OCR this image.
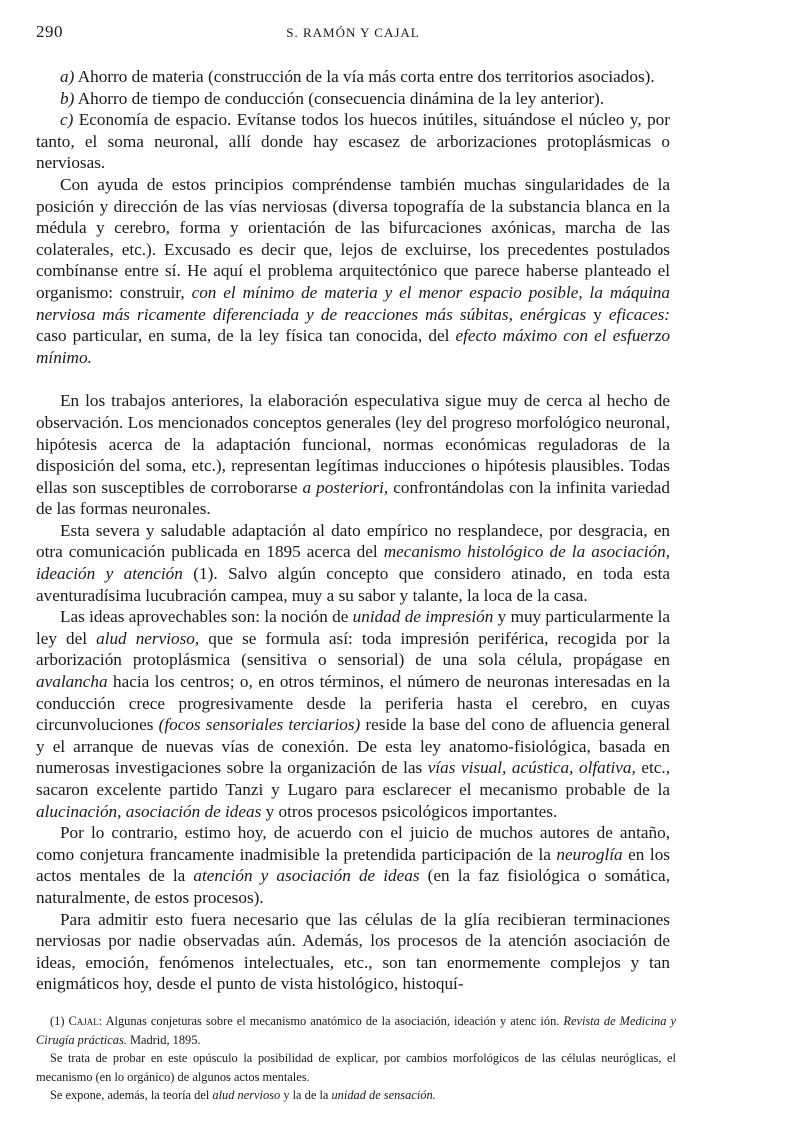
290	S. RAMÓN Y CAJAL

a) Ahorro de materia (construcción de la vía más corta entre dos territorios asociados).

b) Ahorro de tiempo de conducción (consecuencia dinámina de la ley anterior).

c) Economía de espacio. Evítanse todos los huecos inútiles, situándose el núcleo y, por tanto, el soma neuronal, allí donde hay escasez de arborizaciones protoplásmicas o nerviosas.

Con ayuda de estos principios compréndense también muchas singularidades de la posición y dirección de las vías nerviosas (diversa topografía de la substancia blanca en la médula y cerebro, forma y orientación de las bifurcaciones axónicas, marcha de las colaterales, etc.). Excusado es decir que, lejos de excluirse, los precedentes postulados combínanse entre sí. He aquí el problema arquitectónico que parece haberse planteado el organismo: construir, con el mínimo de materia y el menor espacio posible, la máquina nerviosa más ricamente diferenciada y de reacciones más súbitas, enérgicas y eficaces: caso particular, en suma, de la ley física tan conocida, del efecto máximo con el esfuerzo mínimo.

En los trabajos anteriores, la elaboración especulativa sigue muy de cerca al hecho de observación. Los mencionados conceptos generales (ley del progreso morfológico neuronal, hipótesis acerca de la adaptación funcional, normas económicas reguladoras de la disposición del soma, etc.), representan legítimas inducciones o hipótesis plausibles. Todas ellas son susceptibles de corroborarse a posteriori, confrontándolas con la infinita variedad de las formas neuronales.

Esta severa y saludable adaptación al dato empírico no resplandece, por desgracia, en otra comunicación publicada en 1895 acerca del mecanismo histológico de la asociación, ideación y atención (1). Salvo algún concepto que considero atinado, en toda esta aventuradísima lucubración campea, muy a su sabor y talante, la loca de la casa.

Las ideas aprovechables son: la noción de unidad de impresión y muy particularmente la ley del alud nervioso, que se formula así: toda impresión periférica, recogida por la arborización protoplásmica (sensitiva o sensorial) de una sola célula, propágase en avalancha hacia los centros; o, en otros términos, el número de neuronas interesadas en la conducción crece progresivamente desde la periferia hasta el cerebro, en cuyas circunvoluciones (focos sensoriales terciarios) reside la base del cono de afluencia general y el arranque de nuevas vías de conexión. De esta ley anatomo-fisiológica, basada en numerosas investigaciones sobre la organización de las vías visual, acústica, olfativa, etc., sacaron excelente partido Tanzi y Lugaro para esclarecer el mecanismo probable de la alucinación, asociación de ideas y otros procesos psicológicos importantes.

Por lo contrario, estimo hoy, de acuerdo con el juicio de muchos autores de antaño, como conjetura francamente inadmisible la pretendida participación de la neuroglía en los actos mentales de la atención y asociación de ideas (en la faz fisiológica o somática, naturalmente, de estos procesos).

Para admitir esto fuera necesario que las células de la glía recibieran terminaciones nerviosas por nadie observadas aún. Además, los procesos de la atención asociación de ideas, emoción, fenómenos intelectuales, etc., son tan enormemente complejos y tan enigmáticos hoy, desde el punto de vista histológico, histoquí-

(1) Cajal: Algunas conjeturas sobre el mecanismo anatómico de la asociación, ideación y atenc ión. Revista de Medicina y Cirugía prácticas. Madrid, 1895.

Se trata de probar en este opúsculo la posibilidad de explicar, por cambios morfológicos de las células neuróglicas, el mecanismo (en lo orgánico) de algunos actos mentales.

Se expone, además, la teoría del alud nervioso y la de la unidad de sensación.
